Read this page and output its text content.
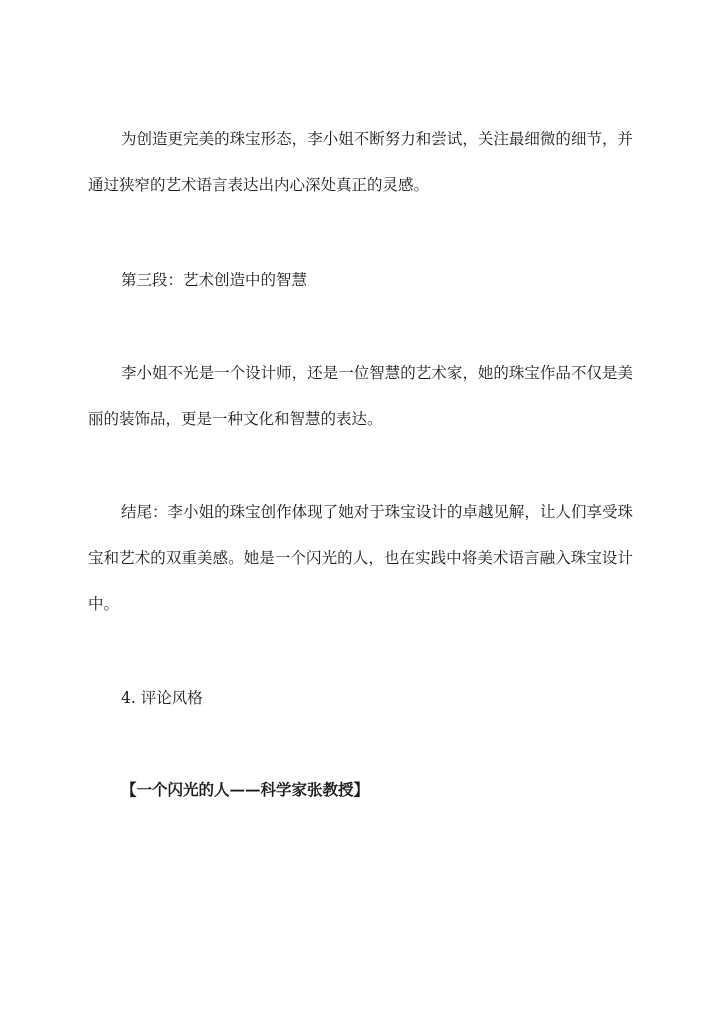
为创造更完美的珠宝形态，李小姐不断努力和尝试，关注最细微的细节，并通过狭窄的艺术语言表达出内心深处真正的灵感。

第三段：艺术创造中的智慧

李小姐不光是一个设计师，还是一位智慧的艺术家，她的珠宝作品不仅是美丽的装饰品，更是一种文化和智慧的表达。

结尾：李小姐的珠宝创作体现了她对于珠宝设计的卓越见解，让人们享受珠宝和艺术的双重美感。她是一个闪光的人，也在实践中将美术语言融入珠宝设计中。

4. 评论风格

【一个闪光的人——科学家张教授】
